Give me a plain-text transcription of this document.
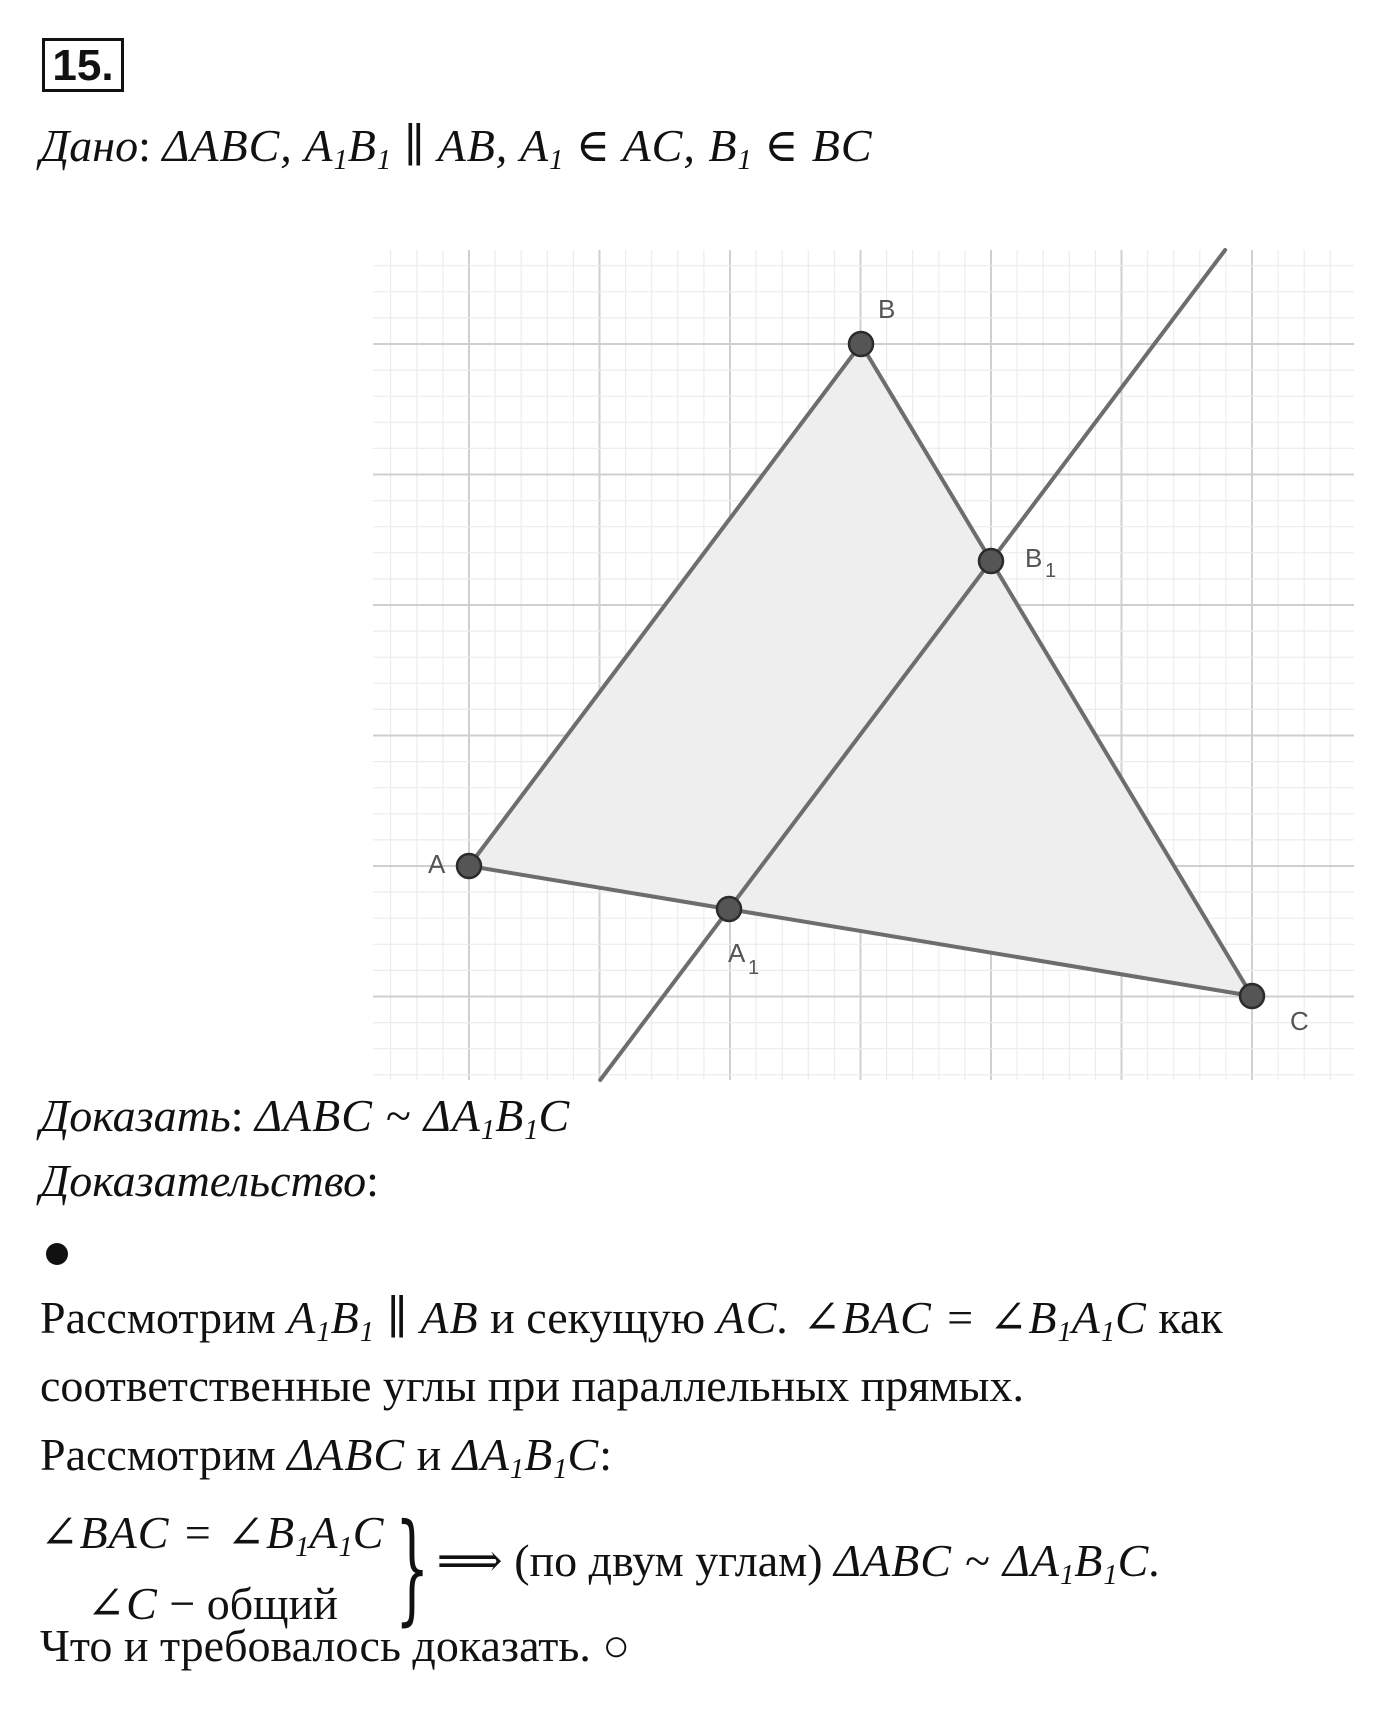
15.
Дано: ΔABC, $A_1B_1$ ∥ AB, $A_1$ ∈ AC, $B_1$ ∈ BC
B
B 1
A
A 1
C
Доказать: ΔABC ~ $\Delta A_1B_1C$
Доказательство:
Рассмотрим $A_1B_1$ ∥ AB и секущую AC. ∠BAC = $\angle B_1A_1C$ как
соответственные углы при параллельных прямых.
Рассмотрим ΔABC и $\Delta A_1B_1C$:
∠BAC = $\angle B_1A_1C$
∠C − общий } ⟹ (по двум углам) ΔABC ~ $\Delta A_1B_1C$.
Что и требовалось доказать. ○
